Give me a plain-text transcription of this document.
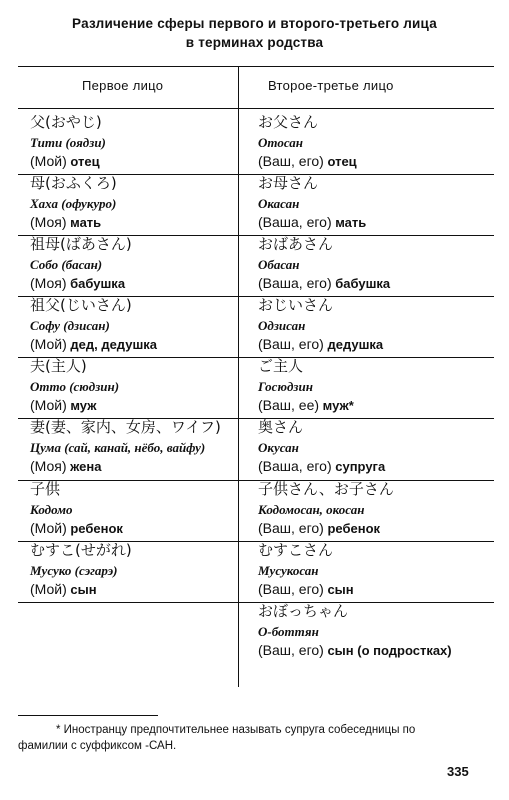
Различение сферы первого и второго-третьего лица
в терминах родства
Первое лицо	Второе-третье лицо
父(おやじ)
Тити (оядзи)
(Мой) отец
お父さん
Отосан
(Ваш, его) отец
母(おふくろ)
Хаха (офукуро)
(Моя) мать
お母さん
Окасан
(Ваша, его) мать
祖母(ばあさん)
Собо (басан)
(Моя) бабушка
おばあさん
Обасан
(Ваша, его) бабушка
祖父(じいさん)
Софу (дзисан)
(Мой) дед, дедушка
おじいさん
Одзисан
(Ваш, его) дедушка
夫(主人)
Отто (сюдзин)
(Мой) муж
ご主人
Госюдзин
(Ваш, ее) муж*
妻(妻、家内、女房、ワイフ)
Цума (сай, канай, нёбо, вайфу)
(Моя) жена
奥さん
Окусан
(Ваша, его) супруга
子供
Кодомо
(Мой) ребенок
子供さん、お子さん
Кодомосан, окосан
(Ваш, его) ребенок
むすこ(せがれ)
Мусуко (сэгарэ)
(Мой) сын
むすこさん
Мусукосан
(Ваш, его) сын
おぼっちゃん
О-боттян
(Ваш, его) сын (о подростках)
* Иностранцу предпочтительнее называть супруга собеседницы по
фамилии с суффиксом -САН.
335
